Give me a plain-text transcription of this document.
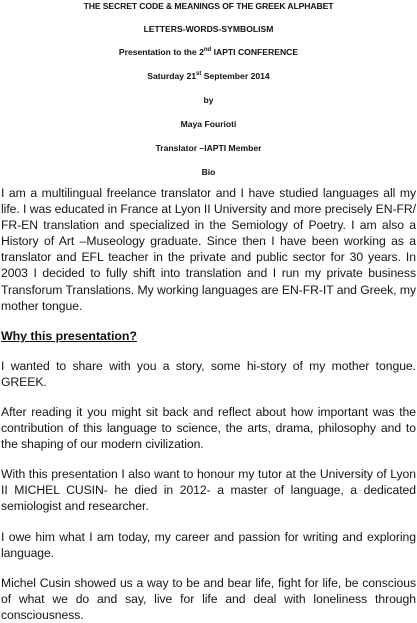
THE SECRET CODE & MEANINGS OF THE GREEK ALPHABET
LETTERS-WORDS-SYMBOLISM
Presentation to the 2nd IAPTI CONFERENCE
Saturday 21st September 2014
by
Maya Fourioti
Translator –IAPTI Member
Bio

I am a multilingual freelance translator and I have studied languages all my life. I was educated in France at Lyon II University and more precisely EN-FR/ FR-EN translation and specialized in the Semiology of Poetry. I am also a History of Art –Museology graduate. Since then I have been working as a translator and EFL teacher in the private and public sector for 30 years. In 2003 I decided to fully shift into translation and I run my private business Transforum Translations. My working languages are EN-FR-IT and Greek, my mother tongue.

Why this presentation?

I wanted to share with you a story, some hi-story of my mother tongue. GREEK.

After reading it you might sit back and reflect about how important was the contribution of this language to science, the arts, drama, philosophy and to the shaping of our modern civilization.

With this presentation I also want to honour my tutor at the University of Lyon II MICHEL CUSIN- he died in 2012- a master of language, a dedicated semiologist and researcher.

I owe him what I am today, my career and passion for writing and exploring language.

Michel Cusin showed us a way to be and bear life, fight for life, be conscious of what we do and say, live for life and deal with loneliness through consciousness.
